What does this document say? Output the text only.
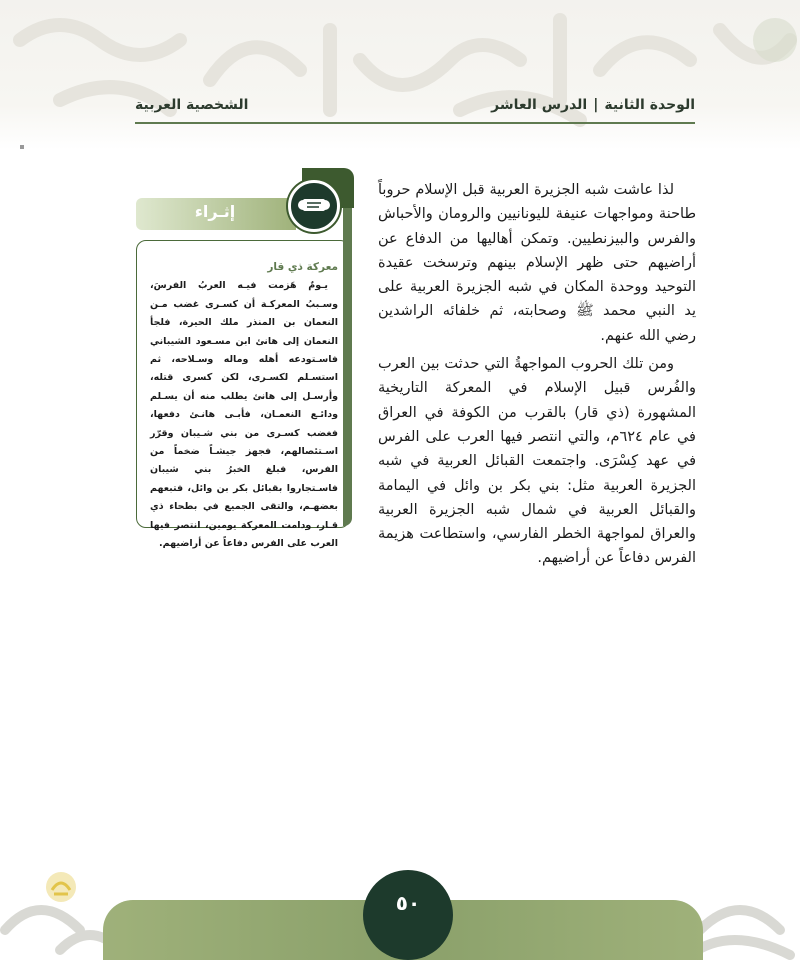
الوحدة الثانية|الدرس العاشر
الشخصية العربية

لذا عاشت شبه الجزيرة العربية قبل الإسلام حروباً طاحنة ومواجهات عنيفة لليونانيين والرومان والأحباش والفرس والبيزنطيين. وتمكن أهاليها من الدفاع عن أراضيهم حتى ظهر الإسلام بينهم وترسخت عقيدة التوحيد ووحدة المكان في شبه الجزيرة العربية على يد النبي محمد ﷺ وصحابته، ثم خلفائه الراشدين رضي الله عنهم.

ومن تلك الحروب المواجهةُ التي حدثت بين العرب والفُرس قبيل الإسلام في المعركة التاريخية المشهورة (ذي قار) بالقرب من الكوفة في العراق في عام ٦٢٤م، والتي انتصر فيها العرب على الفرس في عهد كِسْرَى. واجتمعت القبائل العربية في شبه الجزيرة العربية مثل: بني بكر بن وائل في اليمامة والقبائل العربية في شمال شبه الجزيرة العربية والعراق لمواجهة الخطر الفارسي، واستطاعت هزيمة الفرس دفاعاً عن أراضيهم.

إثـراء
معركة ذي قار

يـومٌ هَزمت فيـه العربُ الفرسَ، وسـببُ المعركـة أن كسـرى غضب مـن النعمان بن المنذر ملك الحيرة، فلجأ النعمان إلى هانئ ابن مسـعود الشيباني فاسـتودعه أهله وماله وسـلاحه، ثم استسـلم لكسـرى، لكن كسرى قتله، وأرسـل إلى هانئ يطلب منه أن يسـلم ودائـع النعمـان، فأبـى هانـئ دفعها، فغضب كسـرى من بني شـيبان وقرّر اسـتئصالهم، فجهز جيشـاً ضخماً من الفرس، فبلغ الخبرُ بني شيبان فاسـتجاروا بقبائل بكر بن وائل، فتبعهم بعضهـم، والتقى الجميع في بطحاء ذي قـار، ودامت المعركة يومين، انتصر فيها العرب على الفرس دفاعاً عن أراضيهم.

٥٠
